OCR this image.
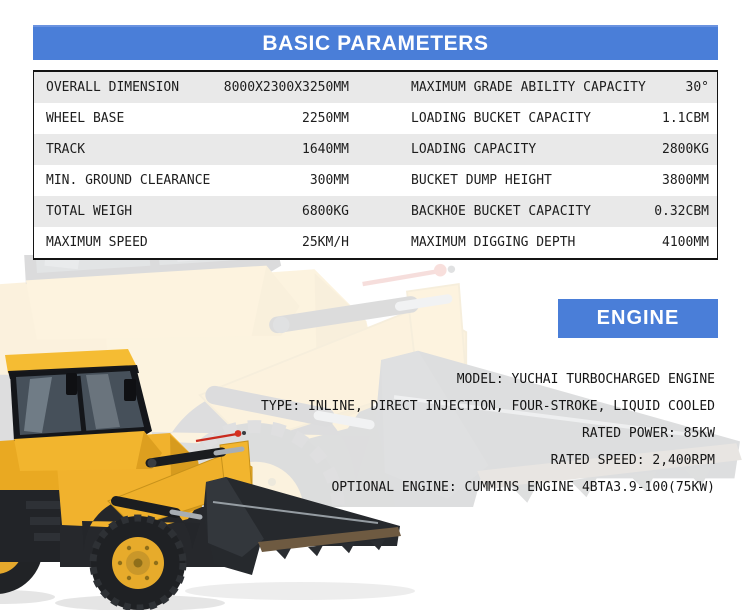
BASIC PARAMETERS
OVERALL DIMENSION	8000X2300X3250MM	MAXIMUM GRADE ABILITY CAPACITY	30°
WHEEL BASE	2250MM	LOADING BUCKET CAPACITY	1.1CBM
TRACK	1640MM	LOADING CAPACITY	2800KG
MIN. GROUND CLEARANCE	300MM	BUCKET DUMP HEIGHT	3800MM
TOTAL WEIGH	6800KG	BACKHOE BUCKET CAPACITY	0.32CBM
MAXIMUM SPEED	25KM/H	MAXIMUM DIGGING DEPTH	4100MM
ENGINE
MODEL: YUCHAI TURBOCHARGED ENGINE
TYPE: INLINE, DIRECT INJECTION, FOUR-STROKE, LIQUID COOLED
RATED POWER: 85KW
RATED SPEED: 2,400RPM
OPTIONAL ENGINE: CUMMINS ENGINE 4BTA3.9-100(75KW)
